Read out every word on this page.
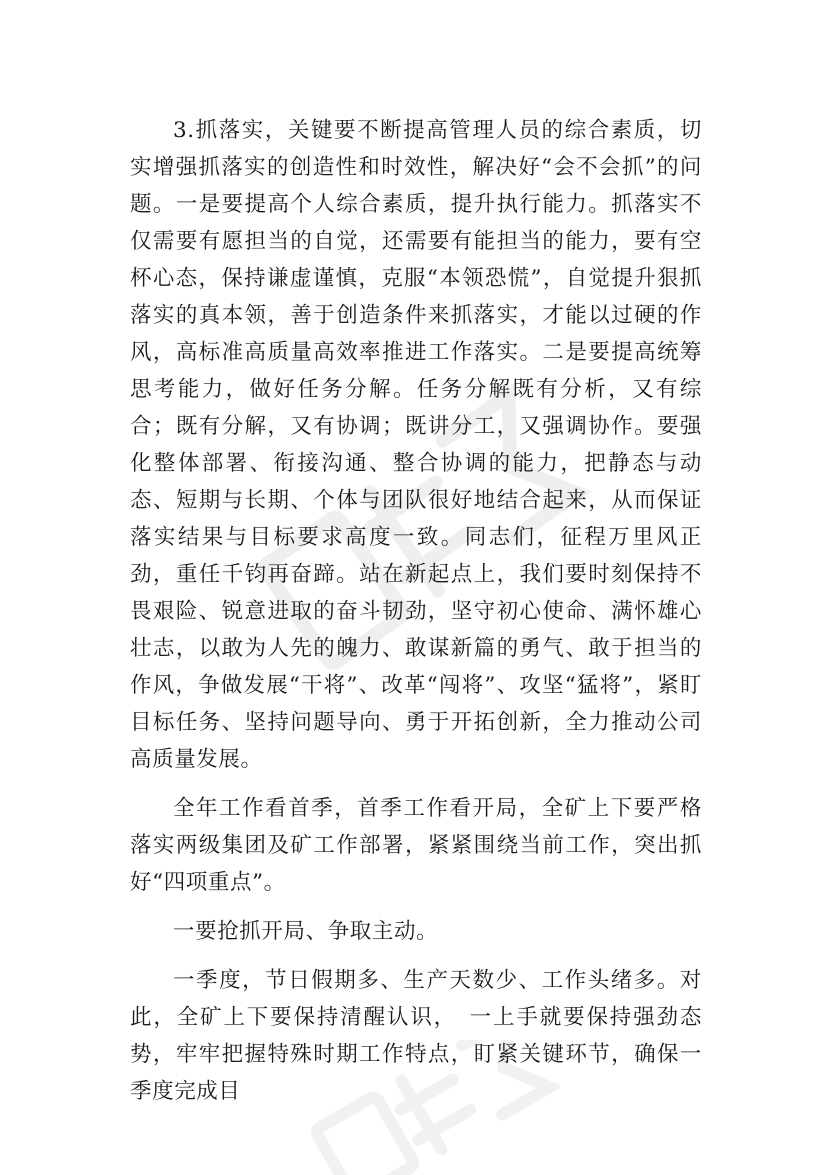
3.抓落实，关键要不断提高管理人员的综合素质，切实增强抓落实的创造性和时效性，解决好“会不会抓”的问题。一是要提高个人综合素质，提升执行能力。抓落实不仅需要有愿担当的自觉，还需要有能担当的能力，要有空杯心态，保持谦虚谨慎，克服“本领恐慌”，自觉提升狠抓落实的真本领，善于创造条件来抓落实，才能以过硬的作风，高标准高质量高效率推进工作落实。二是要提高统筹思考能力，做好任务分解。任务分解既有分析，又有综合；既有分解，又有协调；既讲分工，又强调协作。要强化整体部署、衔接沟通、整合协调的能力，把静态与动态、短期与长期、个体与团队很好地结合起来，从而保证落实结果与目标要求高度一致。同志们，征程万里风正劲，重任千钧再奋蹄。站在新起点上，我们要时刻保持不畏艰险、锐意进取的奋斗韧劲，坚守初心使命、满怀雄心壮志，以敢为人先的魄力、敢谋新篇的勇气、敢于担当的作风，争做发展“干将”、改革“闯将”、攻坚“猛将”，紧盯目标任务、坚持问题导向、勇于开拓创新，全力推动公司高质量发展。

全年工作看首季，首季工作看开局，全矿上下要严格落实两级集团及矿工作部署，紧紧围绕当前工作，突出抓好“四项重点”。

一要抢抓开局、争取主动。

一季度，节日假期多、生产天数少、工作头绪多。对此，全矿上下要保持清醒认识，　一上手就要保持强劲态势，牢牢把握特殊时期工作特点，盯紧关键环节，确保一季度完成目
